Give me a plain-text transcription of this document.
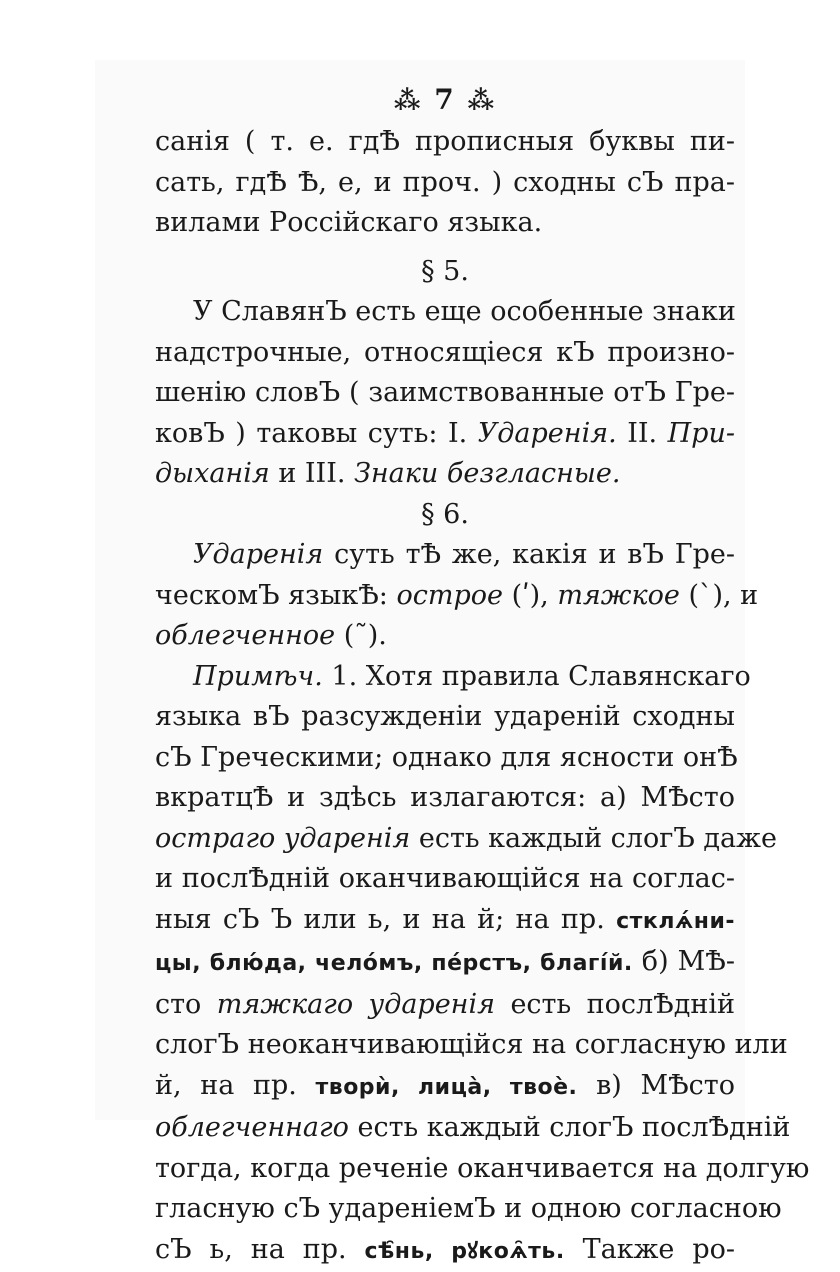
⁂ 7 ⁂
санія ( т. е. гдѢ прописныя буквы пи-
сать, гдѢ Ѣ, е, и проч. ) сходны сЪ пра-
вилами Россійскаго языка.
§ 5.
У СлавянЪ есть еще особенные знаки
надстрочные, относящіеся кЪ произно-
шенію словЪ ( заимствованные отЪ Гре-
ковЪ ) таковы суть: I. Ударенія. II. При-
дыханія и III. Знаки безгласные.
§ 6.
Ударенія суть тѢ же, какія и вЪ Гре-
ческомЪ языкѢ: острое (ʹ), тяжкое (`), и
облегченное (῀).
Примѣч. 1. Хотя правила Славянскаго
языка вЪ разсужденіи удареній сходны
сЪ Греческими; однако для ясности онѢ
вкратцѢ и здѣсь излагаются: а) МѢсто
остраго ударенія есть каждый слогЪ даже
и послѢдній оканчивающійся на соглас-
ныя сЪ Ъ или ь, и на й; на пр. стклѧ́ни-
цы, блю́да, чело́мъ, пе́рстъ, благі́й. б) МѢ-
сто тяжкаго ударенія есть послѢдній
слогЪ неоканчивающійся на согласную или
й, на пр. творѝ, лицà, твоѐ. в) МѢсто
облегченнаго есть каждый слогЪ послѢдній
тогда, когда реченіе оканчивается на долгую
гласную сЪ удареніемЪ и одною согласною
сЪ ь, на пр. сѣ̑нь, рꙋкоѧ̑ть. Также ро-
